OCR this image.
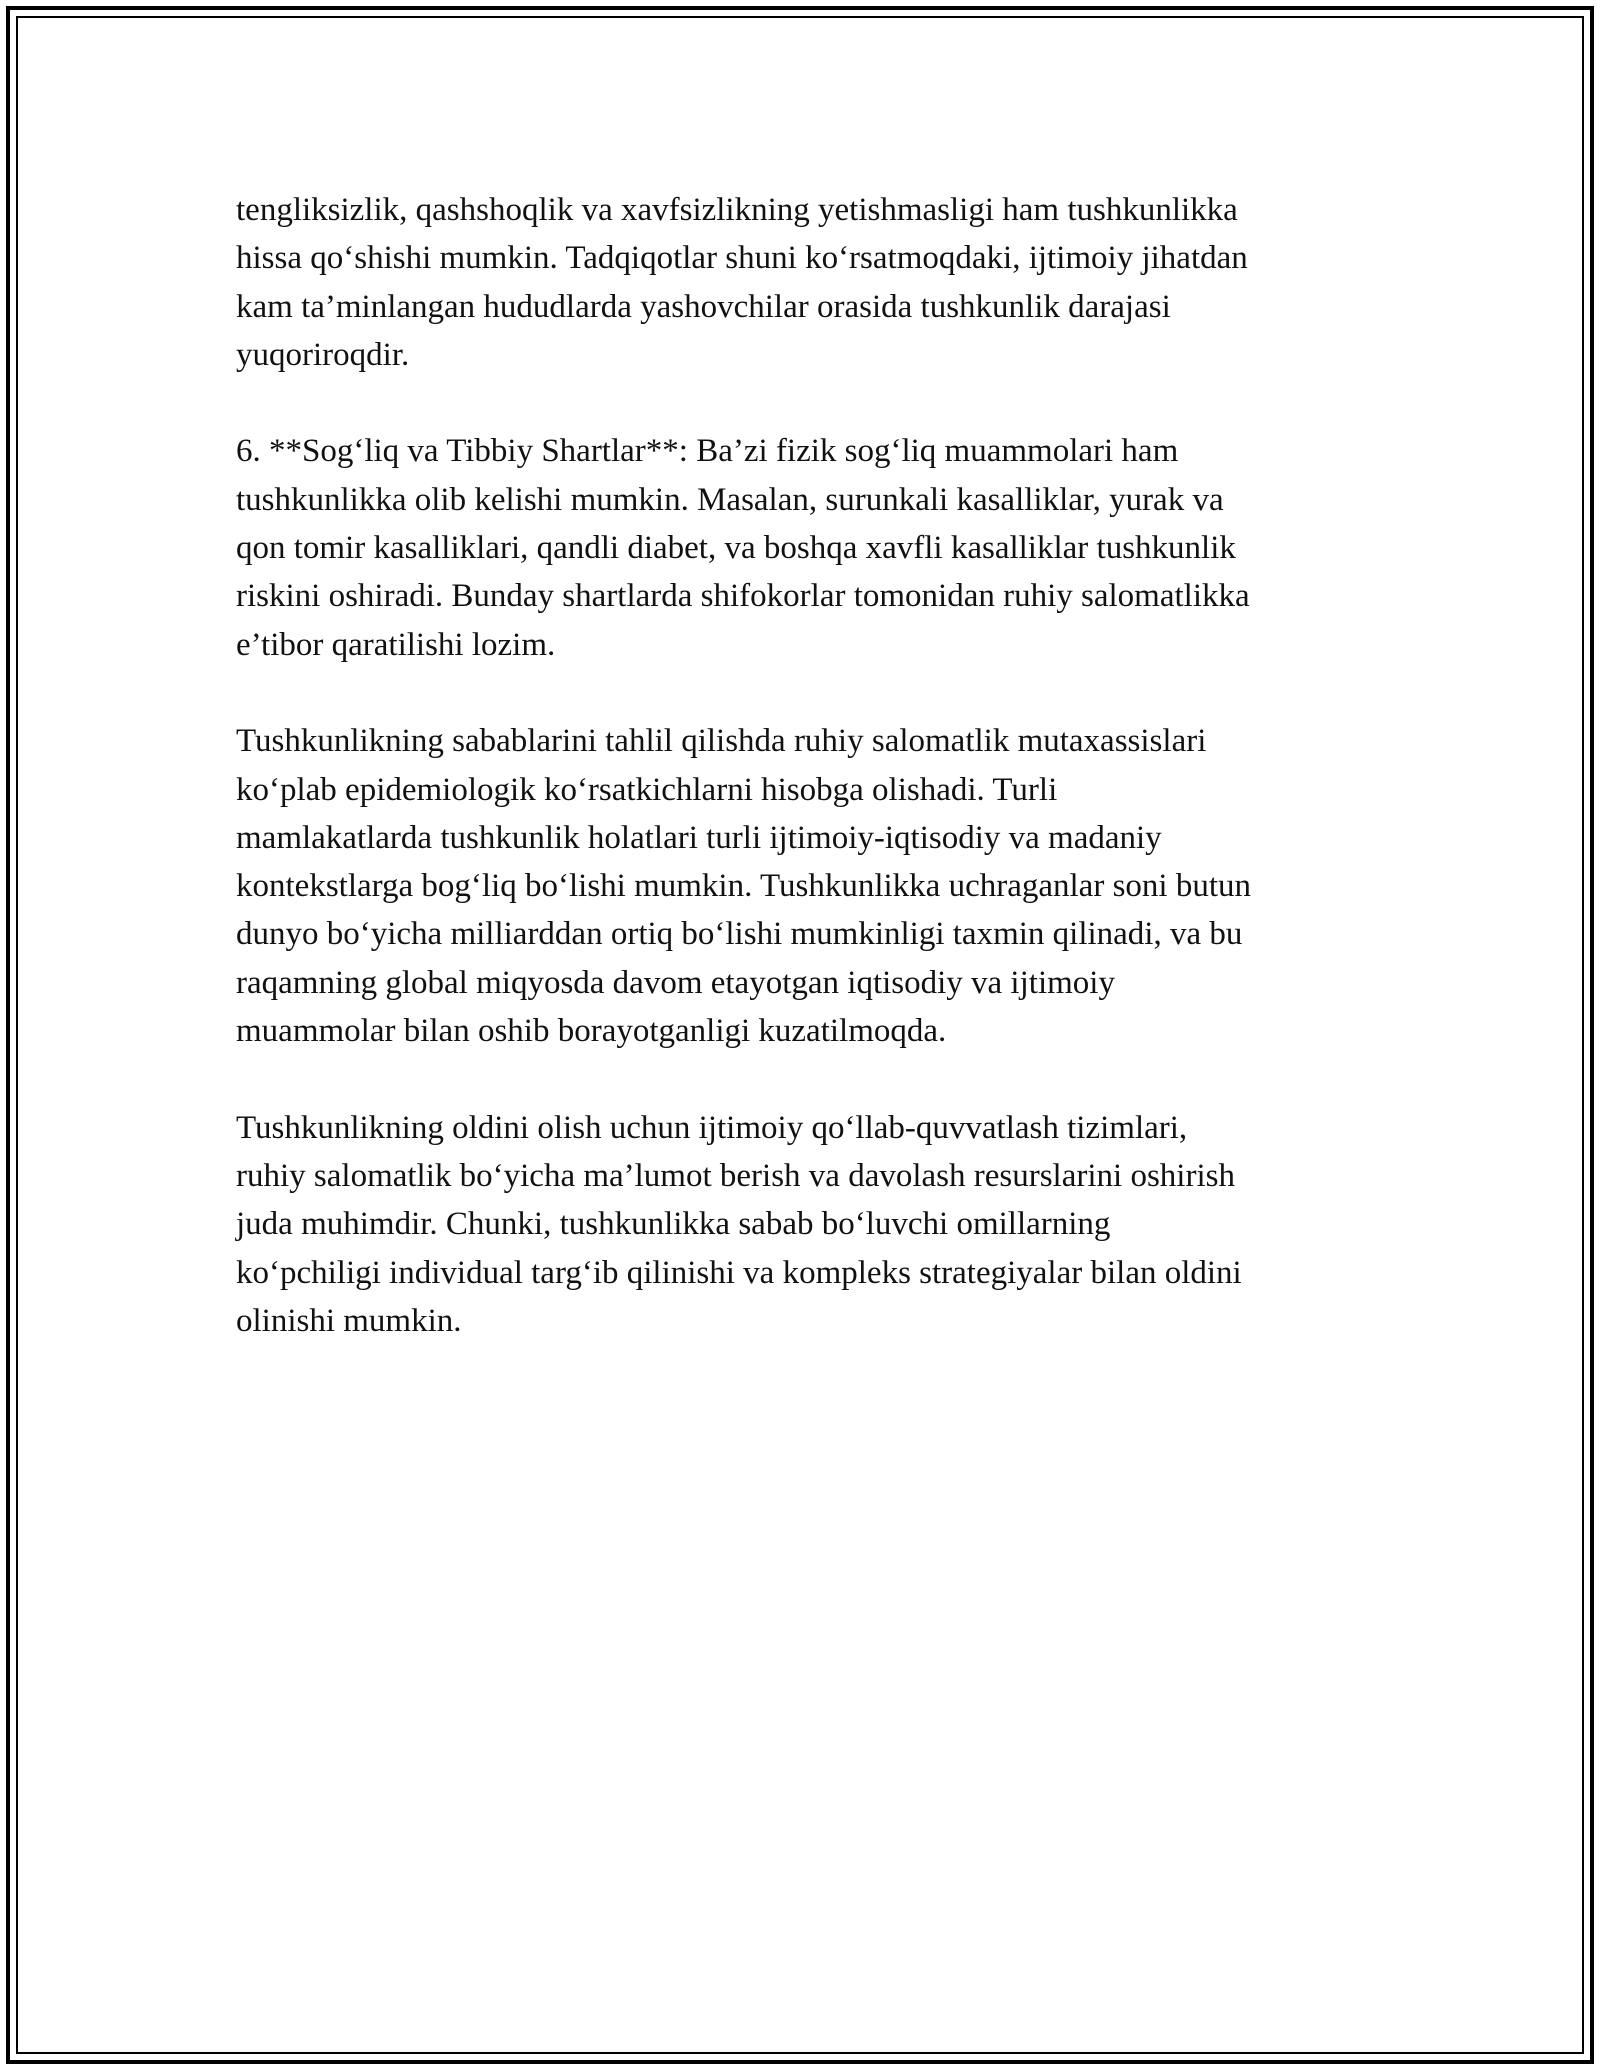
tengliksizlik, qashshoqlik va xavfsizlikning yetishmasligi ham tushkunlikka
hissa qo‘shishi mumkin. Tadqiqotlar shuni ko‘rsatmoqdaki, ijtimoiy jihatdan
kam ta’minlangan hududlarda yashovchilar orasida tushkunlik darajasi
yuqoriroqdir.

6. **Sog‘liq va Tibbiy Shartlar**: Ba’zi fizik sog‘liq muammolari ham
tushkunlikka olib kelishi mumkin. Masalan, surunkali kasalliklar, yurak va
qon tomir kasalliklari, qandli diabet, va boshqa xavfli kasalliklar tushkunlik
riskini oshiradi. Bunday shartlarda shifokorlar tomonidan ruhiy salomatlikka
e’tibor qaratilishi lozim.

Tushkunlikning sabablarini tahlil qilishda ruhiy salomatlik mutaxassislari
ko‘plab epidemiologik ko‘rsatkichlarni hisobga olishadi. Turli
mamlakatlarda tushkunlik holatlari turli ijtimoiy-iqtisodiy va madaniy
kontekstlarga bog‘liq bo‘lishi mumkin. Tushkunlikka uchraganlar soni butun
dunyo bo‘yicha milliarddan ortiq bo‘lishi mumkinligi taxmin qilinadi, va bu
raqamning global miqyosda davom etayotgan iqtisodiy va ijtimoiy
muammolar bilan oshib borayotganligi kuzatilmoqda.

Tushkunlikning oldini olish uchun ijtimoiy qo‘llab-quvvatlash tizimlari,
ruhiy salomatlik bo‘yicha ma’lumot berish va davolash resurslarini oshirish
juda muhimdir. Chunki, tushkunlikka sabab bo‘luvchi omillarning
ko‘pchiligi individual targ‘ib qilinishi va kompleks strategiyalar bilan oldini
olinishi mumkin.
